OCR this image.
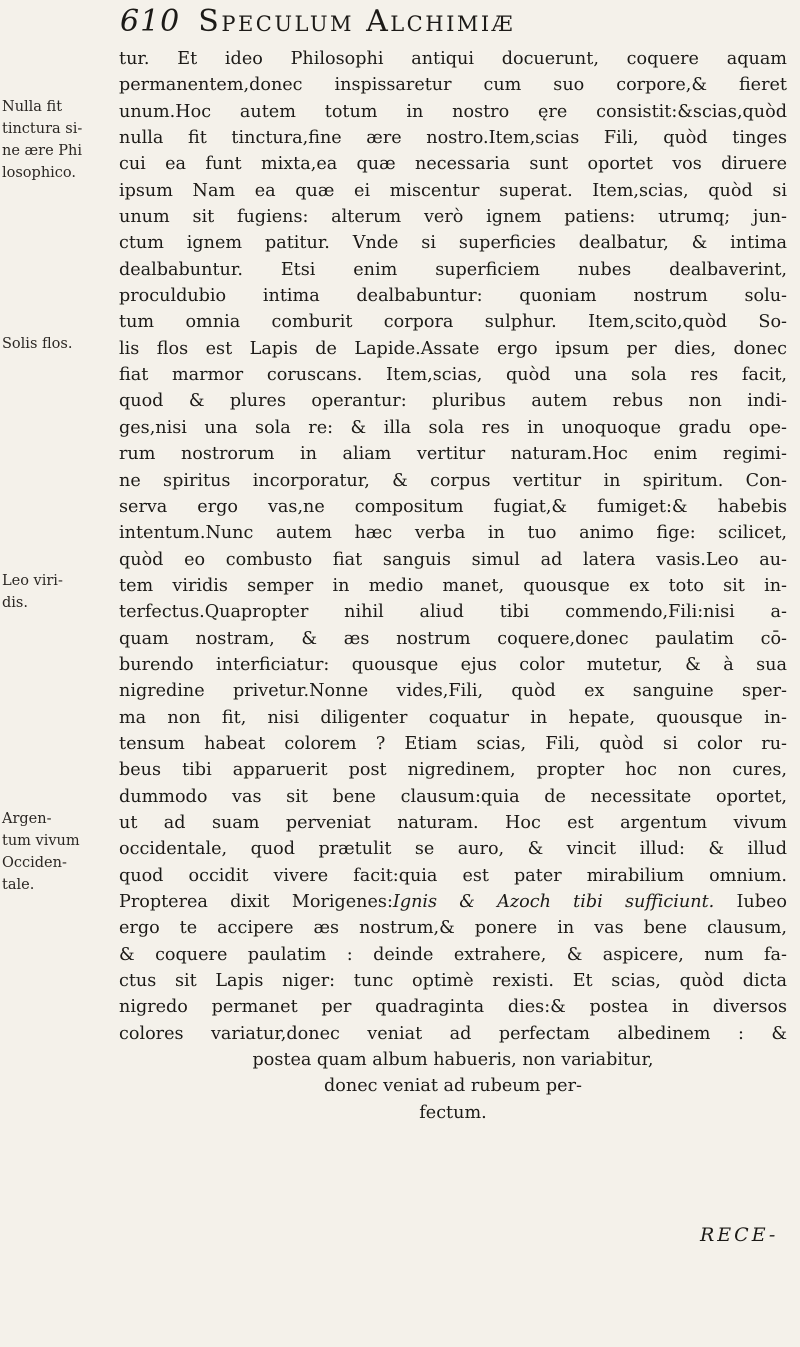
610 Speculum Alchimiæ
Nulla fit
tinctura si-
ne ære Phi
losophico.
Solis flos.
Leo viri-
dis.
Argen-
tum vivum
Occiden-
tale.
tur. Et ideo Philosophi antiqui docuerunt, coquere aquam
permanentem,donec inspissaretur cum suo corpore,& fieret
unum.Hoc autem totum in nostro ęre consistit:&scias,quòd
nulla fit tinctura,fine ære nostro.Item,scias Fili, quòd tinges
cui ea funt mixta,ea quæ necessaria sunt oportet vos diruere
ipsum Nam ea quæ ei miscentur superat. Item,scias, quòd si
unum sit fugiens: alterum verò ignem patiens: utrumq; jun-
ctum ignem patitur. Vnde si superficies dealbatur, & intima
dealbabuntur. Etsi enim superficiem nubes dealbaverint,
proculdubio intima dealbabuntur: quoniam nostrum solu-
tum omnia comburit corpora sulphur. Item,scito,quòd So-
lis flos est Lapis de Lapide.Assate ergo ipsum per dies, donec
fiat marmor coruscans. Item,scias, quòd una sola res facit,
quod & plures operantur: pluribus autem rebus non indi-
ges,nisi una sola re: & illa sola res in unoquoque gradu ope-
rum nostrorum in aliam vertitur naturam.Hoc enim regimi-
ne spiritus incorporatur, & corpus vertitur in spiritum. Con-
serva ergo vas,ne compositum fugiat,& fumiget:& habebis
intentum.Nunc autem hæc verba in tuo animo fige: scilicet,
quòd eo combusto fiat sanguis simul ad latera vasis.Leo au-
tem viridis semper in medio manet, quousque ex toto sit in-
terfectus.Quapropter nihil aliud tibi commendo,Fili:nisi a-
quam nostram, & æs nostrum coquere,donec paulatim cō-
burendo interficiatur: quousque ejus color mutetur, & à sua
nigredine privetur.Nonne vides,Fili, quòd ex sanguine sper-
ma non fit, nisi diligenter coquatur in hepate, quousque in-
tensum habeat colorem ? Etiam scias, Fili, quòd si color ru-
beus tibi apparuerit post nigredinem, propter hoc non cures,
dummodo vas sit bene clausum:quia de necessitate oportet,
ut ad suam perveniat naturam. Hoc est argentum vivum
occidentale, quod prætulit se auro, & vincit illud: & illud
quod occidit vivere facit:quia est pater mirabilium omnium.
Propterea dixit Morigenes:Ignis & Azoch tibi sufficiunt. Iubeo
ergo te accipere æs nostrum,& ponere in vas bene clausum,
& coquere paulatim : deinde extrahere, & aspicere, num fa-
ctus sit Lapis niger: tunc optimè rexisti. Et scias, quòd dicta
nigredo permanet per quadraginta dies:& postea in diversos
colores variatur,donec veniat ad perfectam albedinem : &
postea quam album habueris, non variabitur,
donec veniat ad rubeum per-
fectum.
RECE-
